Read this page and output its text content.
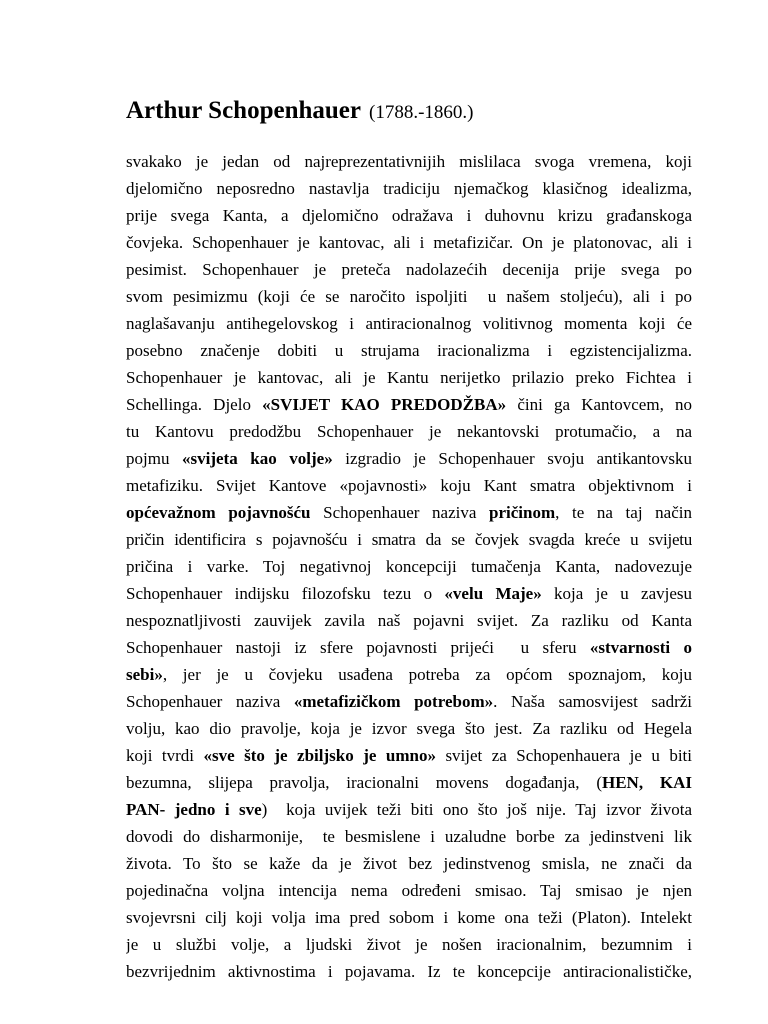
Arthur Schopenhauer (1788.-1860.)
svakako je jedan od najreprezentativnijih mislilaca svoga vremena, koji
djelomično neposredno nastavlja tradiciju njemačkog klasičnog idealizma,
prije svega Kanta, a djelomično odražava i duhovnu krizu građanskoga
čovjeka. Schopenhauer je kantovac, ali i metafizičar. On je platonovac, ali i
pesimist. Schopenhauer je preteča nadolazećih decenija prije svega po
svom pesimizmu (koji će se naročito ispoljiti  u našem stoljeću), ali i po
naglašavanju antihegelovskog i antiracionalnog volitivnog momenta koji će
posebno značenje dobiti u strujama iracionalizma i egzistencijalizma.
Schopenhauer je kantovac, ali je Kantu nerijetko prilazio preko Fichtea i
Schellinga. Djelo «SVIJET KAO PREDODŽBA» čini ga Kantovcem, no
tu Kantovu predodžbu Schopenhauer je nekantovski protumačio, a na
pojmu «svijeta kao volje» izgradio je Schopenhauer svoju antikantovsku
metafiziku. Svijet Kantove «pojavnosti» koju Kant smatra objektivnom i
općevažnom pojavnošću Schopenhauer naziva pričinom, te na taj način
pričin identificira s pojavnošću i smatra da se čovjek svagda kreće u svijetu
pričina i varke. Toj negativnoj koncepciji tumačenja Kanta, nadovezuje
Schopenhauer indijsku filozofsku tezu o «velu Maje» koja je u zavjesu
nespoznatljivosti zauvijek zavila naš pojavni svijet. Za razliku od Kanta
Schopenhauer nastoji iz sfere pojavnosti prijeći  u sferu «stvarnosti o
sebi», jer je u čovjeku usađena potreba za općom spoznajom, koju
Schopenhauer naziva «metafizičkom potrebom». Naša samosvijest sadrži
volju, kao dio pravolje, koja je izvor svega što jest. Za razliku od Hegela
koji tvrdi «sve što je zbiljsko je umno» svijet za Schopenhauera je u biti
bezumna, slijepa pravolja, iracionalni movens događanja, (HEN, KAI
PAN- jedno i sve)  koja uvijek teži biti ono što još nije. Taj izvor života
dovodi do disharmonije,  te besmislene i uzaludne borbe za jedinstveni lik
života. To što se kaže da je život bez jedinstvenog smisla, ne znači da
pojedinačna voljna intencija nema određeni smisao. Taj smisao je njen
svojevrsni cilj koji volja ima pred sobom i kome ona teži (Platon). Intelekt
je u službi volje, a ljudski život je nošen iracionalnim, bezumnim i
bezvrijednim aktivnostima i pojavama. Iz te koncepcije antiracionalističke,
